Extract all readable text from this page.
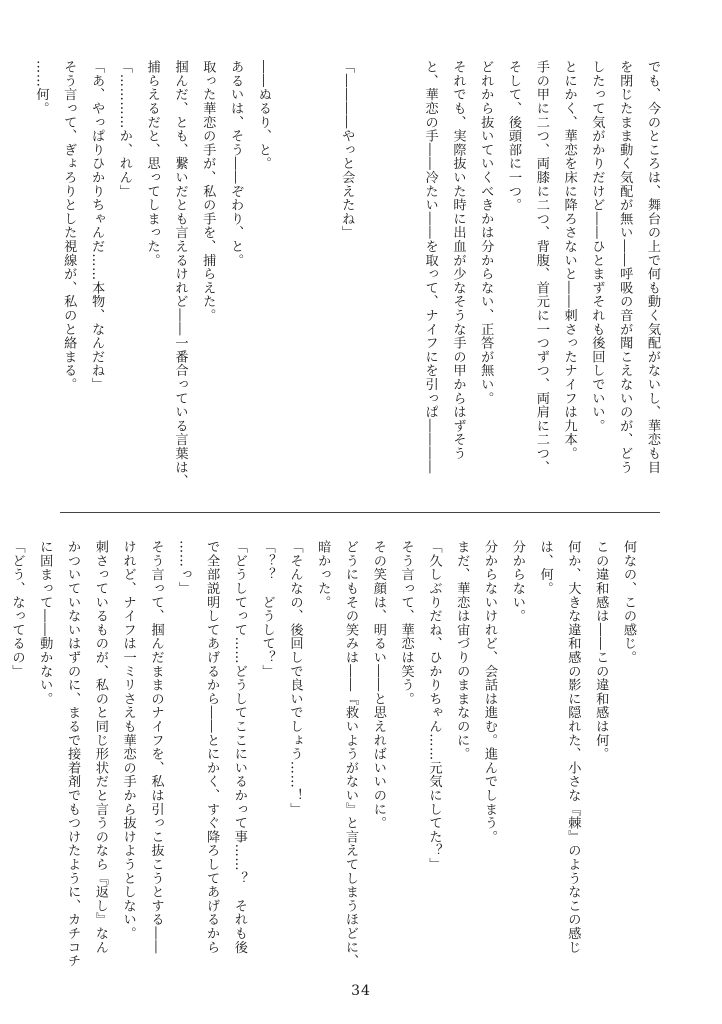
でも、今のところは、舞台の上で何も動く気配がないし、華恋も目
を閉じたまま動く気配が無い――呼吸の音が聞こえないのが、どう
したって気がかりだけど――ひとまずそれも後回しでいい。
とにかく、華恋を床に降ろさないと――刺さったナイフは九本。
手の甲に二つ、両膝に二つ、背腹、首元に一つずつ、両肩に二つ、
そして、後頭部に一つ。
どれから抜いていくべきかは分からない、正答が無い。
それでも、実際抜いた時に出血が少なそうな手の甲からはずそう
と、華恋の手――冷たい――を取って、ナイフにを引っぱ――――

「――――やっと会えたね」

――ぬるり、と。
あるいは、そう――ぞわり、と。
取った華恋の手が、私の手を、捕らえた。
掴んだ、とも、繋いだとも言えるけれど――一番合っている言葉は、
捕らえるだと、思ってしまった。
「…………か、れん」
「あ、やっぱりひかりちゃんだ……本物、なんだね」
そう言って、ぎょろりとした視線が、私のと絡まる。
……何。
何なの、この感じ。
この違和感は――この違和感は何。
何か、大きな違和感の影に隠れた、小さな『棘』のようなこの感じ
は、何。
分からない。
分からないけれど、会話は進む。進んでしまう。
まだ、華恋は宙づりのままなのに。
「久しぶりだね、ひかりちゃん……元気にしてた？」
そう言って、華恋は笑う。
その笑顔は、明るい――と思えればいいのに。
どうにもその笑みは――『救いようがない』と言えてしまうほどに、
暗かった。
「そんなの、後回しで良いでしょう……！」
「？？　どうして？」
「どうしてって……どうしてここにいるかって事……？　それも後
で全部説明してあげるから――とにかく、すぐ降ろしてあげるから
……っ」
そう言って、掴んだままのナイフを、私は引っこ抜こうとする――
けれど、ナイフは一ミリさえも華恋の手から抜けようとしない。
刺さっているものが、私のと同じ形状だと言うのなら『返し』なん
かついていないはずのに、まるで接着剤でもつけたように、カチコチ
に固まって――動かない。
「どう、なってるの」
34
